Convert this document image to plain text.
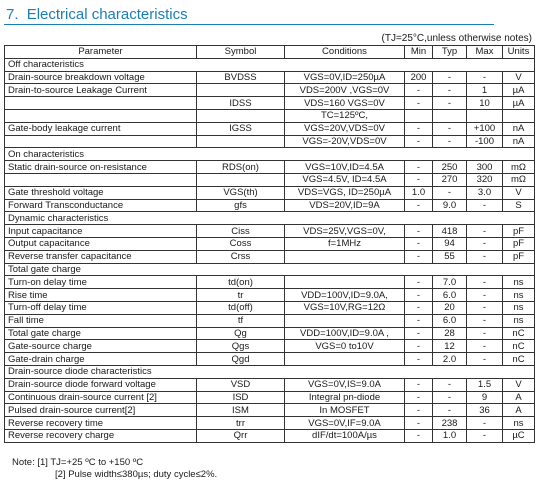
7. Electrical characteristics
(TJ=25°C,unless otherwise notes)
Parameter	Symbol	Conditions	Min	Typ	Max	Units
Off characteristics						
Drain-source breakdown voltage	BVDSS	VGS=0V,ID=250µA	200	-	-	V
Drain-to-source Leakage Current		VDS=200V ,VGS=0V	-	-	1	µA
	IDSS	VDS=160 VGS=0V	-	-	10	µA
		TC=125ºC,				
Gate-body leakage current	IGSS	VGS=20V,VDS=0V	-	-	+100	nA
		VGS=-20V,VDS=0V	-	-	-100	nA
On characteristics						
Static drain-source on-resistance	RDS(on)	VGS=10V,ID=4.5A	-	250	300	mΩ
		VGS=4.5V, ID=4.5A	-	270	320	mΩ
Gate threshold voltage	VGS(th)	VDS=VGS, ID=250µA	1.0	-	3.0	V
Forward Transconductance	gfs	VDS=20V,ID=9A	-	9.0	-	S
Dynamic characteristics						
Input capacitance	Ciss	VDS=25V,VGS=0V,	-	418	-	pF
Output capacitance	Coss	f=1MHz	-	94	-	pF
Reverse transfer capacitance	Crss		-	55	-	pF
Total gate charge						
Turn-on delay time	td(on)		-	7.0	-	ns
Rise time	tr	VDD=100V,ID=9.0A,	-	6.0	-	ns
Turn-off delay time	td(off)	VGS=10V,RG=12Ω	-	20	-	ns
Fall time	tf		-	6.0	-	ns
Total gate charge	Qg	VDD=100V,ID=9.0A ,	-	28	-	nC
Gate-source charge	Qgs	VGS=0 to10V	-	12	-	nC
Gate-drain charge	Qgd		-	2.0	-	nC
Drain-source diode characteristics						
Drain-source diode forward voltage	VSD	VGS=0V,IS=9.0A	-	-	1.5	V
Continuous drain-source current [2]	ISD	Integral pn-diode	-	-	9	A
Pulsed drain-source current[2]	ISM	In MOSFET	-	-	36	A
Reverse recovery time	trr	VGS=0V,IF=9.0A	-	238	-	ns
Reverse recovery charge	Qrr	dIF/dt=100A/µs	-	1.0	-	µC
Note: [1] TJ=+25 ºC to +150 ºC
[2] Pulse width≤380µs; duty cycle≤2%.
